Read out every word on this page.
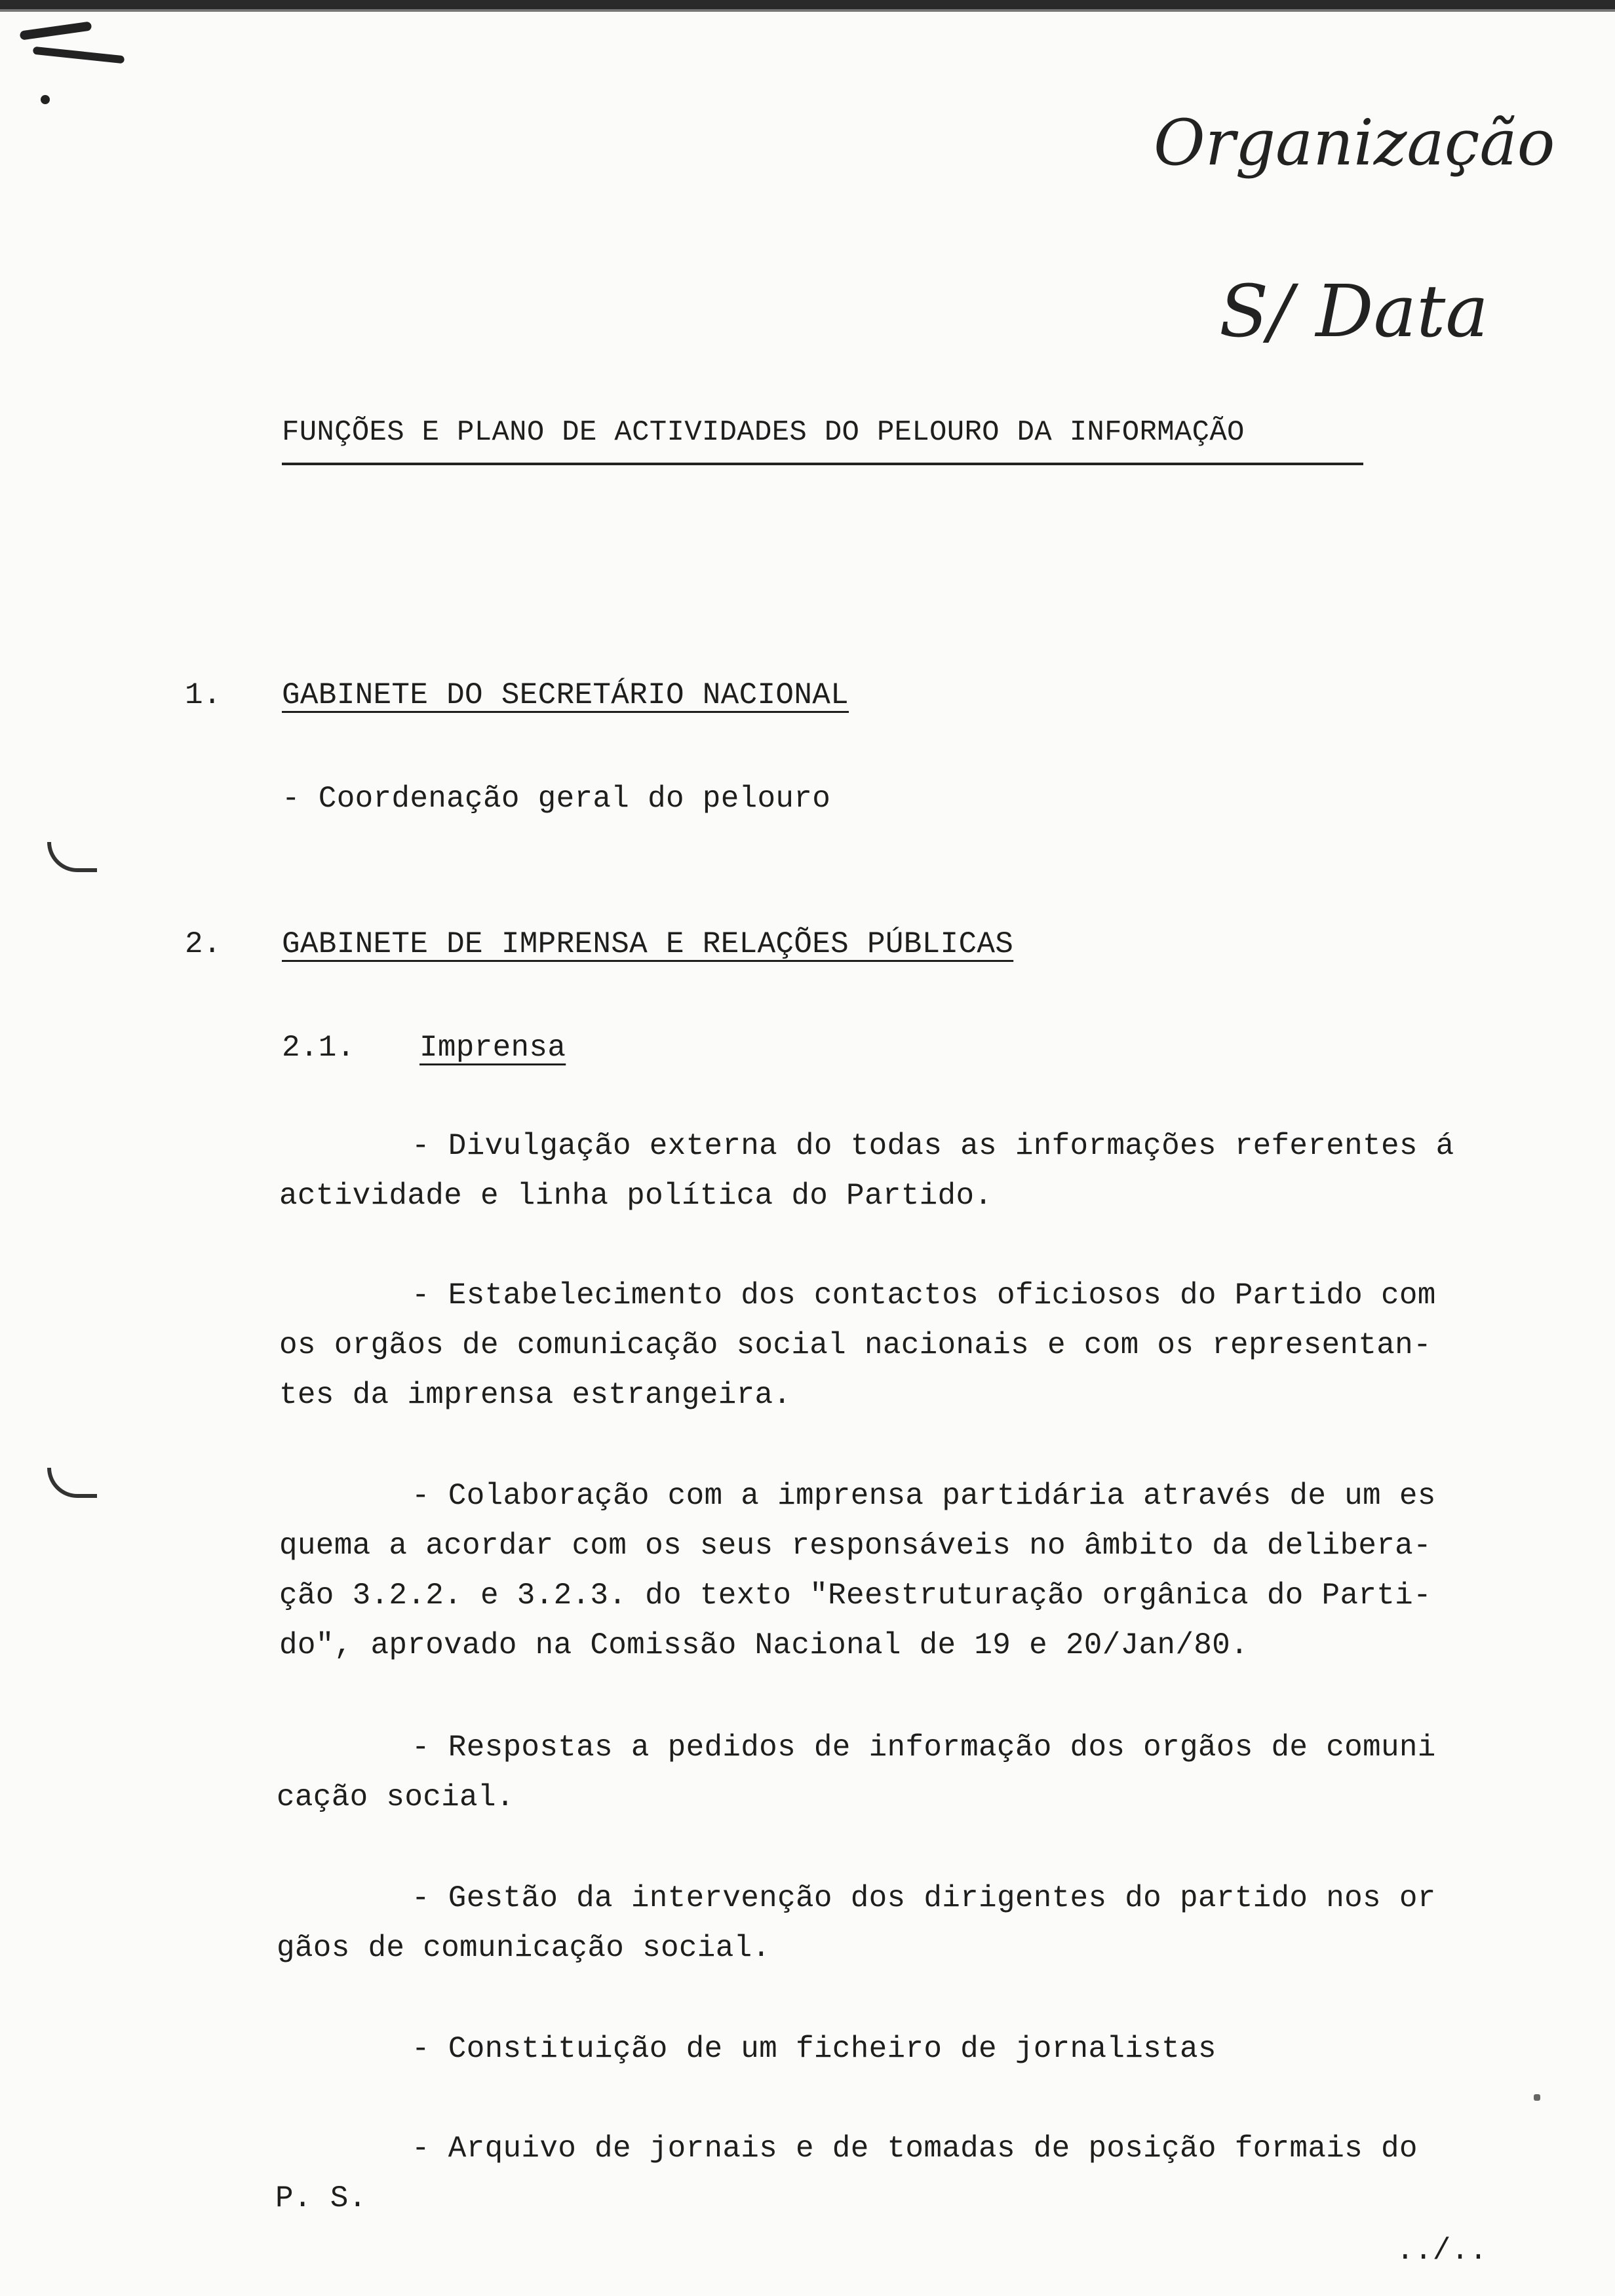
Organização
S/ Data
FUNÇÕES E PLANO DE ACTIVIDADES DO PELOURO DA INFORMAÇÃO
1. GABINETE DO SECRETÁRIO NACIONAL
- Coordenação geral do pelouro
2. GABINETE DE IMPRENSA E RELAÇÕES PÚBLICAS
2.1. Imprensa
- Divulgação externa do todas as informações referentes á
actividade e linha política do Partido.
- Estabelecimento dos contactos oficiosos do Partido com
os orgãos de comunicação social nacionais e com os representan-
tes da imprensa estrangeira.
- Colaboração com a imprensa partidária através de um es
quema a acordar com os seus responsáveis no âmbito da delibera-
ção 3.2.2. e 3.2.3. do texto "Reestruturação orgânica do Parti-
do", aprovado na Comissão Nacional de 19 e 20/Jan/80.
- Respostas a pedidos de informação dos orgãos de comuni
cação social.
- Gestão da intervenção dos dirigentes do partido nos or
gãos de comunicação social.
- Constituição de um ficheiro de jornalistas
- Arquivo de jornais e de tomadas de posição formais do
P. S.
../..
